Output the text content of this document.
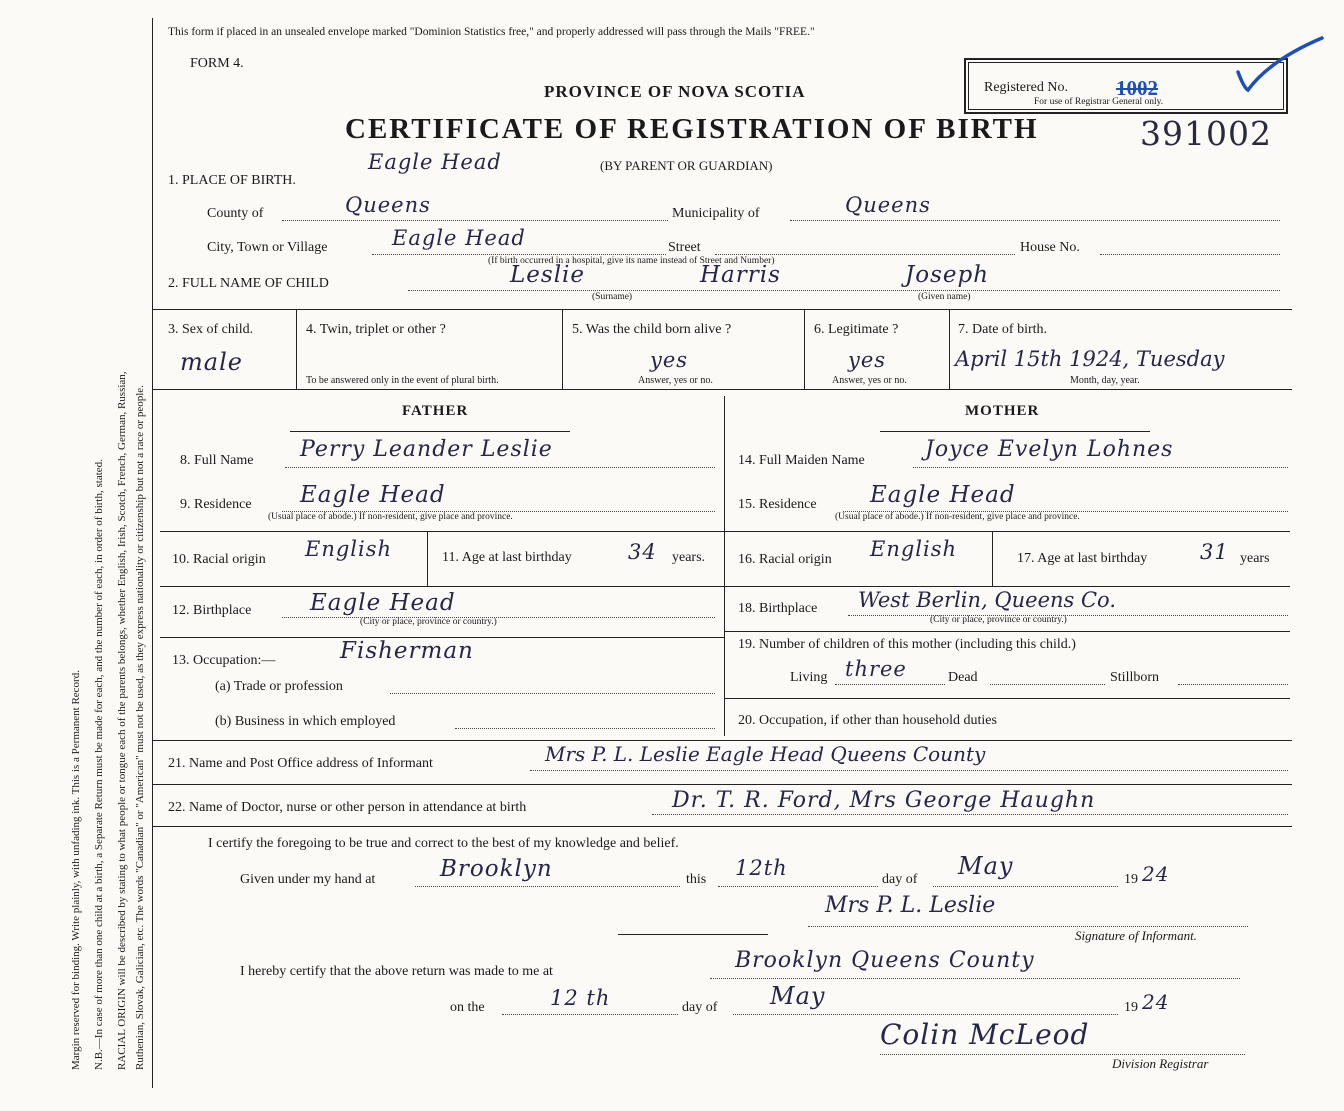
Margin reserved for binding. Write plainly, with unfading ink. This is a Permanent Record. N.B.—In case of more than one child at a birth, a Separate Return must be made for each, and the number of each, in order of birth, stated. RACIAL ORIGIN will be described by stating to what people or tongue each of the parents belongs, whether English, Irish, Scotch, French, German, Russian, Ruthenian, Slovak, Galician, etc. The words "Canadian" or "American" must not be used, as they express nationality or citizenship but not a race or people.
This form if placed in an unsealed envelope marked "Dominion Statistics free," and properly addressed will pass through the Mails "FREE."
FORM 4.
PROVINCE OF NOVA SCOTIA
CERTIFICATE OF REGISTRATION OF BIRTH
(BY PARENT OR GUARDIAN)
Registered No. 1002
For use of Registrar General only.
391002
1. PLACE OF BIRTH.
Eagle Head
County of	Queens	Municipality of	Queens
City, Town or Village	Eagle Head	Street
(If birth occurred in a hospital, give its name instead of Street and Number)
House No.
2. FULL NAME OF CHILD	Leslie	Harris	Joseph
(Surname)	(Given name)
3. Sex of child.
male
4. Twin, triplet or other ?
To be answered only in the event of plural birth.
5. Was the child born alive ?
yes
Answer, yes or no.
6. Legitimate ?
yes
Answer, yes or no.
7. Date of birth.
April 15th 1924, Tuesday
Month, day, year.
FATHER	MOTHER
8. Full Name Perry Leander Leslie
9. Residence Eagle Head
(Usual place of abode.) If non-resident, give place and province.
10. Racial origin English	11. Age at last birthday	34 years.
12. Birthplace	Eagle Head
(City or place, province or country.)
13. Occupation:—	Fisherman
(a) Trade or profession
(b) Business in which employed
14. Full Maiden Name	Joyce Evelyn Lohnes
15. Residence Eagle Head
(Usual place of abode.) If non-resident, give place and province.
16. Racial origin English	17. Age at last birthday	31 years
18. Birthplace West Berlin, Queens Co.
(City or place, province or country.)
19. Number of children of this mother (including this child.)
Living three	Dead	Stillborn
20. Occupation, if other than household duties
21. Name and Post Office address of Informant	Mrs P. L. Leslie Eagle Head Queens County
22. Name of Doctor, nurse or other person in attendance at birth	Dr. T. R. Ford, Mrs George Haughn
I certify the foregoing to be true and correct to the best of my knowledge and belief.
Given under my hand at	Brooklyn	this 12th	day of May	19 24
Mrs P. L. Leslie
Signature of Informant.
I hereby certify that the above return was made to me at	Brooklyn Queens County
on the	12 th	day of May	19 24
Colin McLeod
Division Registrar
